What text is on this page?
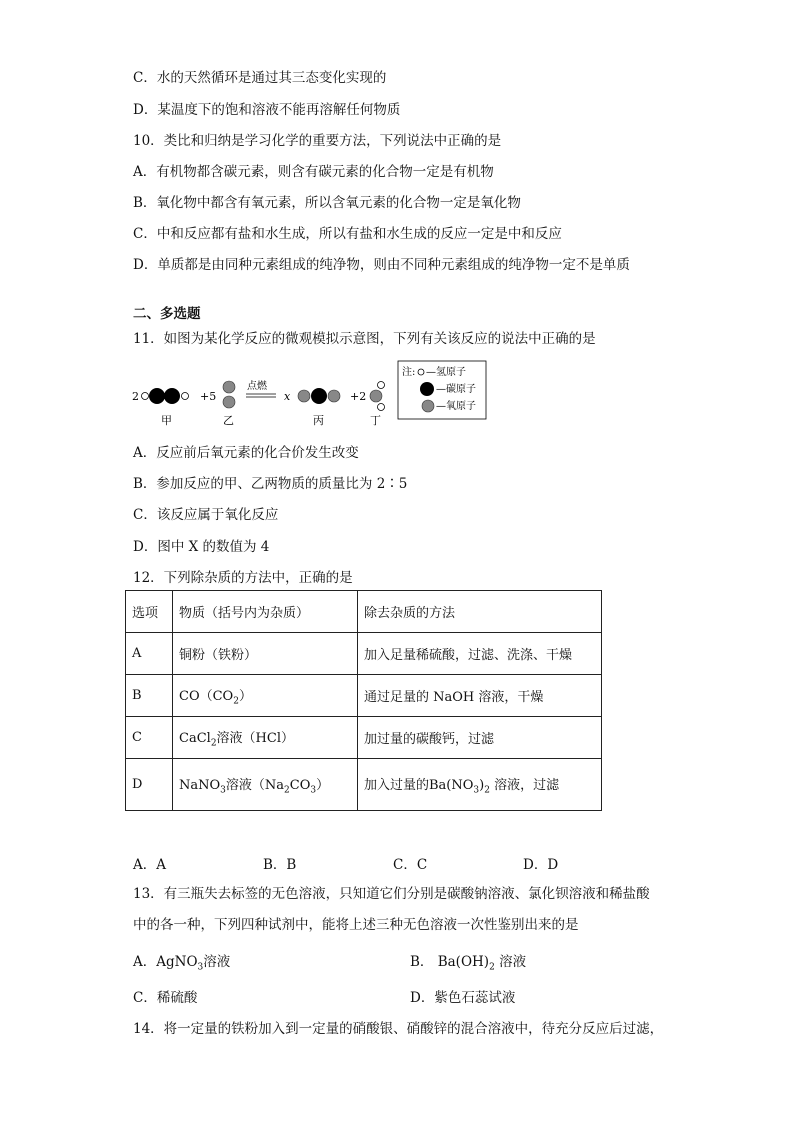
C．水的天然循环是通过其三态变化实现的
D．某温度下的饱和溶液不能再溶解任何物质
10．类比和归纳是学习化学的重要方法，下列说法中正确的是
A．有机物都含碳元素，则含有碳元素的化合物一定是有机物
B．氧化物中都含有氧元素，所以含氧元素的化合物一定是氧化物
C．中和反应都有盐和水生成，所以有盐和水生成的反应一定是中和反应
D．单质都是由同种元素组成的纯净物，则由不同种元素组成的纯净物一定不是单质
二、多选题
11．如图为某化学反应的微观模拟示意图，下列有关该反应的说法中正确的是
2
甲
+5
乙
点燃
x
丙
+2
丁
注: —氢原子
—碳原子
—氧原子
A．反应前后氧元素的化合价发生改变
B．参加反应的甲、乙两物质的质量比为 2∶5
C．该反应属于氧化反应
D．图中 X 的数值为 4
12．下列除杂质的方法中，正确的是
选项	物质（括号内为杂质）	除去杂质的方法
A	铜粉（铁粉）	加入足量稀硫酸，过滤、洗涤、干燥
B	$CO(CO_2)$	通过足量的 NaOH 溶液，干燥
C	CaCl$_2$溶液（HCl）	加过量的碳酸钙，过滤
D	NaNO$_3$溶液$(Na_2CO_3)$	加入过量的$Ba(NO_3)_2$ 溶液，过滤
A．A	B．B	C．C	D．D
13．有三瓶失去标签的无色溶液，只知道它们分别是碳酸钠溶液、氯化钡溶液和稀盐酸
中的各一种，下列四种试剂中，能将上述三种无色溶液一次性鉴别出来的是
A．AgNO$_3$溶液	B． $Ba(OH)_2$ 溶液
C．稀硫酸	D．紫色石蕊试液
14．将一定量的铁粉加入到一定量的硝酸银、硝酸锌的混合溶液中，待充分反应后过滤，
